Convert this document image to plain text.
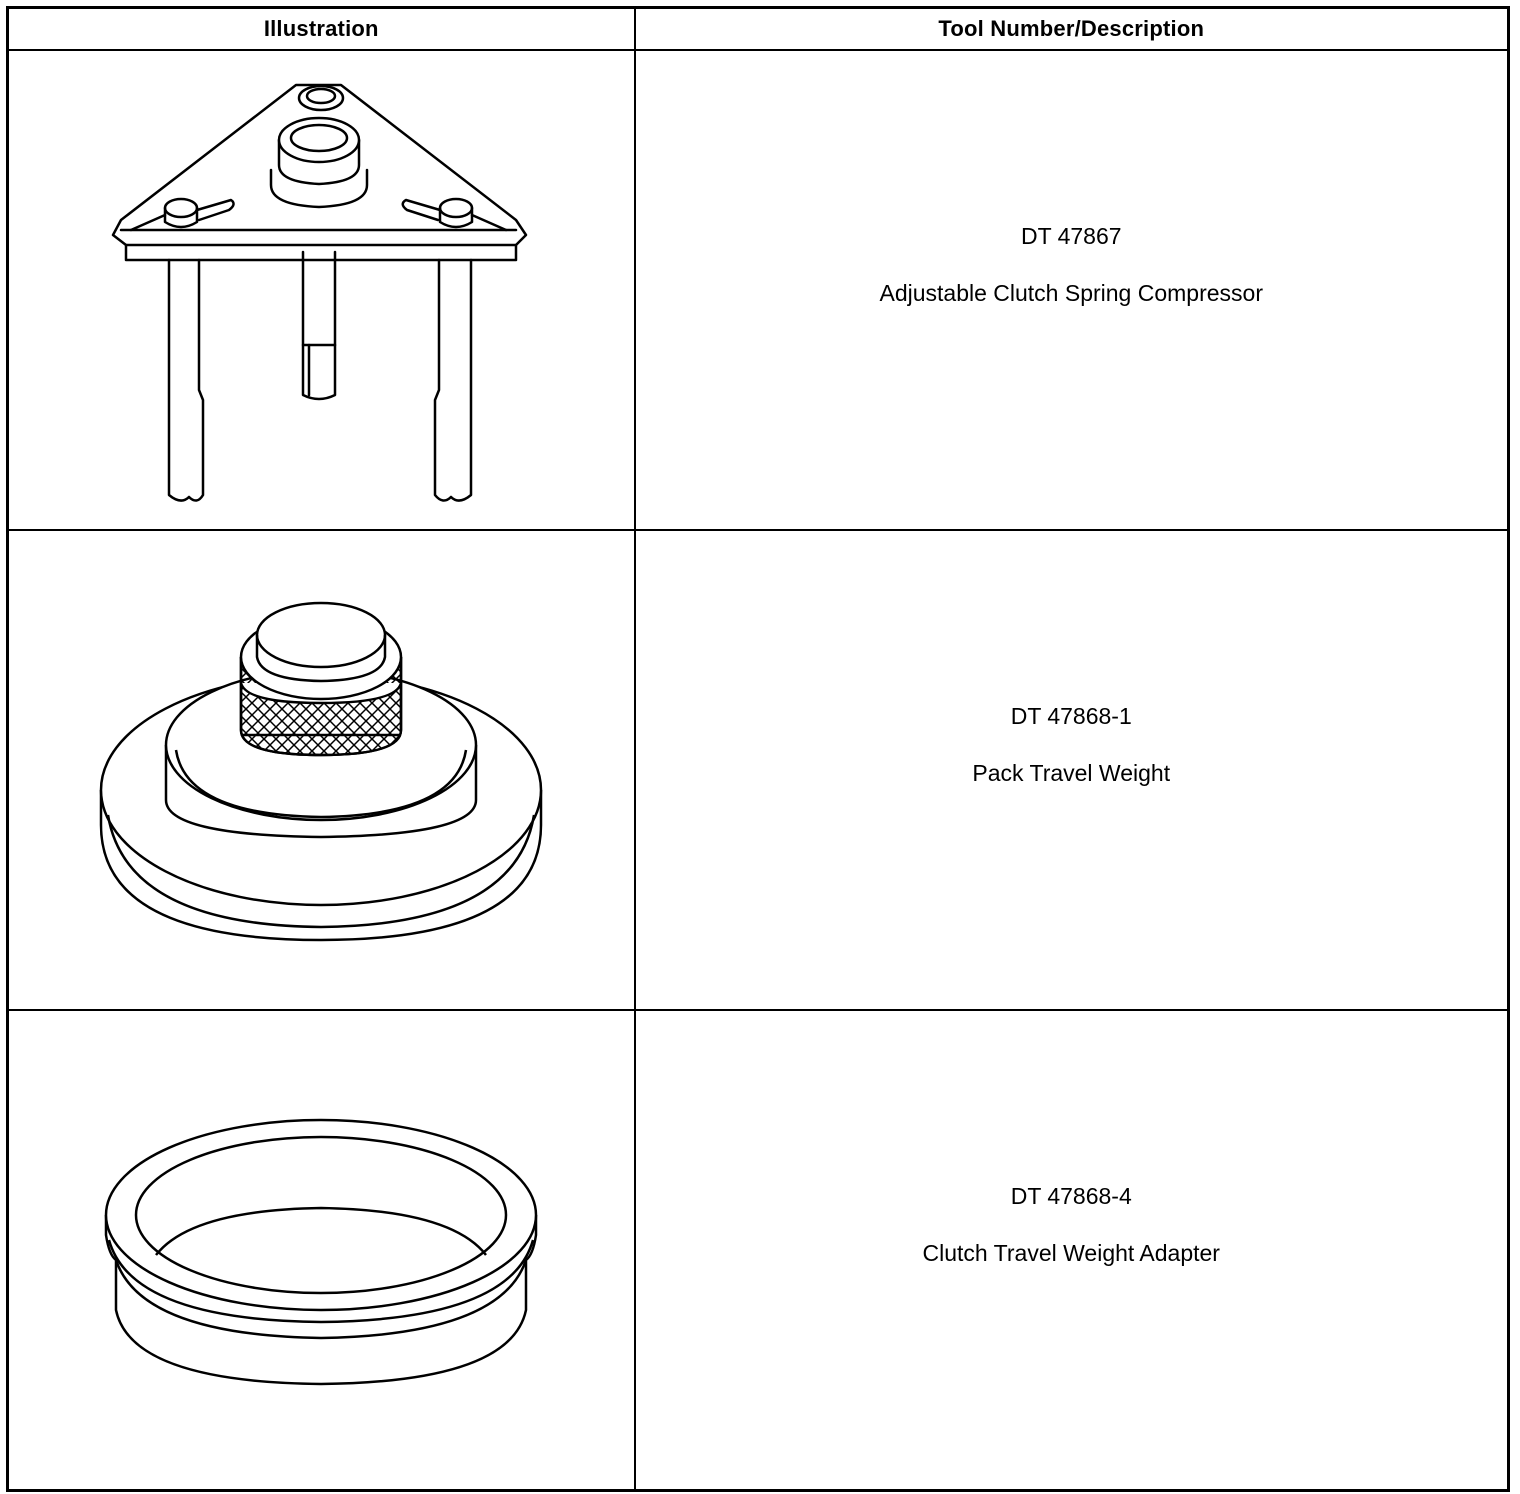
Illustration	Tool Number/Description

DT 47867
Adjustable Clutch Spring Compressor

DT 47868-1
Pack Travel Weight

DT 47868-4
Clutch Travel Weight Adapter
